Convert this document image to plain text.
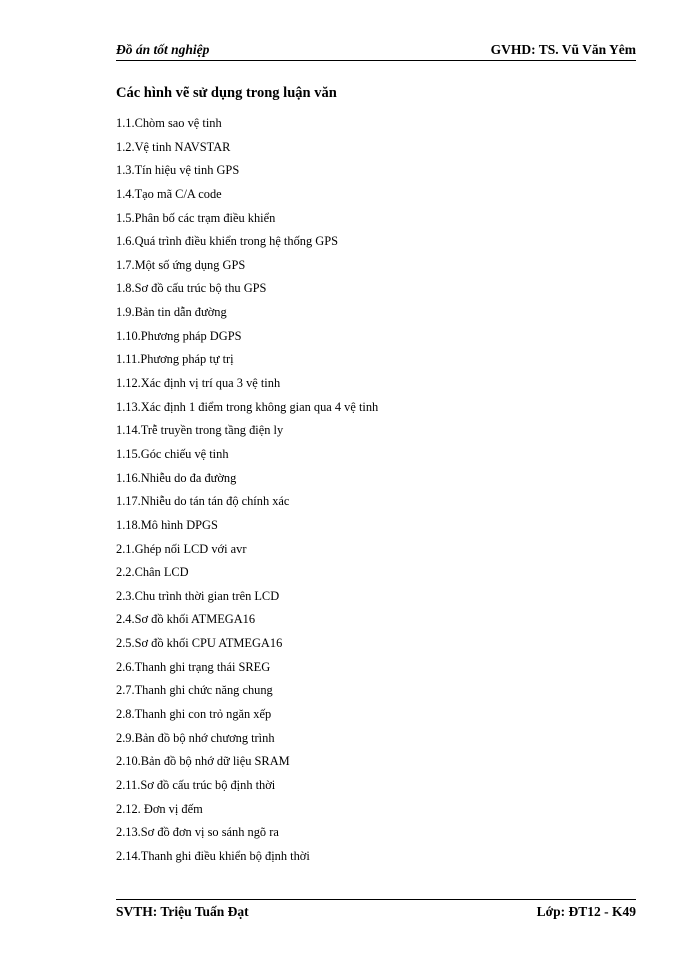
Đồ án tốt nghiệp	GVHD: TS. Vũ Văn Yêm
Các hình vẽ sử dụng trong luận văn
1.1.Chòm sao vệ tinh
1.2.Vệ tinh NAVSTAR
1.3.Tín hiệu vệ tinh GPS
1.4.Tạo mã C/A code
1.5.Phân bố các trạm điều khiển
1.6.Quá trình điều khiển trong hệ thống GPS
1.7.Một số ứng dụng GPS
1.8.Sơ đồ cấu trúc bộ thu GPS
1.9.Bản tin dẫn đường
1.10.Phương pháp DGPS
1.11.Phương pháp tự trị
1.12.Xác định vị trí qua 3 vệ tinh
1.13.Xác định 1 điểm trong không gian qua 4 vệ tinh
1.14.Trễ truyền trong tầng điện ly
1.15.Góc chiếu vệ tinh
1.16.Nhiễu do đa đường
1.17.Nhiễu do tán tán độ chính xác
1.18.Mô hình DPGS
2.1.Ghép nối LCD với avr
2.2.Chân LCD
2.3.Chu trình thời gian trên LCD
2.4.Sơ đồ khối ATMEGA16
2.5.Sơ đồ khối CPU ATMEGA16
2.6.Thanh ghi trạng thái SREG
2.7.Thanh ghi chức năng chung
2.8.Thanh ghi con trỏ ngăn xếp
2.9.Bản đồ bộ nhớ chương trình
2.10.Bản đồ bộ nhớ dữ liệu SRAM
2.11.Sơ đồ cấu trúc bộ định thời
2.12. Đơn vị đếm
2.13.Sơ đồ đơn vị so sánh ngõ ra
2.14.Thanh ghi điều khiển bộ định thời
SVTH: Triệu Tuấn Đạt	Lớp: ĐT12 - K49
